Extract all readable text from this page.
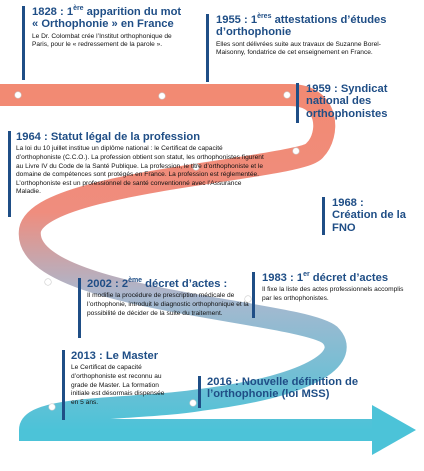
1828 : 1ère apparition du mot « Orthophonie » en France
Le Dr. Colombat crée l’Institut orthophonique de Paris, pour le « redressement de la parole ».
1955 : 1ères attestations d’études d’orthophonie
Elles sont délivrées suite aux travaux de Suzanne Borel-Maisonny, fondatrice de cet enseignement en France.
1959 : Syndicat national des orthophonistes
1964 : Statut légal de la profession
La loi du 10 juillet institue un diplôme national : le Certificat de capacité d’orthophoniste (C.C.O.). La profession obtient son statut, les orthophonistes figurent au Livre IV du Code de la Santé Publique. La profession, le titre d’orthophoniste et le domaine de compétences sont protégés en France. La profession est réglementée. L’orthophoniste est un professionnel de santé conventionné avec l’Assurance Maladie.
1968 : Création de la FNO
1983 : 1er décret d’actes
Il fixe la liste des actes professionnels accomplis par les orthophonistes.
2002 : 2ème décret d’actes :
Il modifie la procédure de prescription médicale de l’orthophonie, introduit le diagnostic orthophonique et la possibilité de décider de la suite du traitement.
2013 : Le Master
Le Certificat de capacité d’orthophoniste est reconnu au grade de Master. La formation initiale est désormais dispensée en 5 ans.
2016 : Nouvelle définition de l’orthophonie (loi MSS)
